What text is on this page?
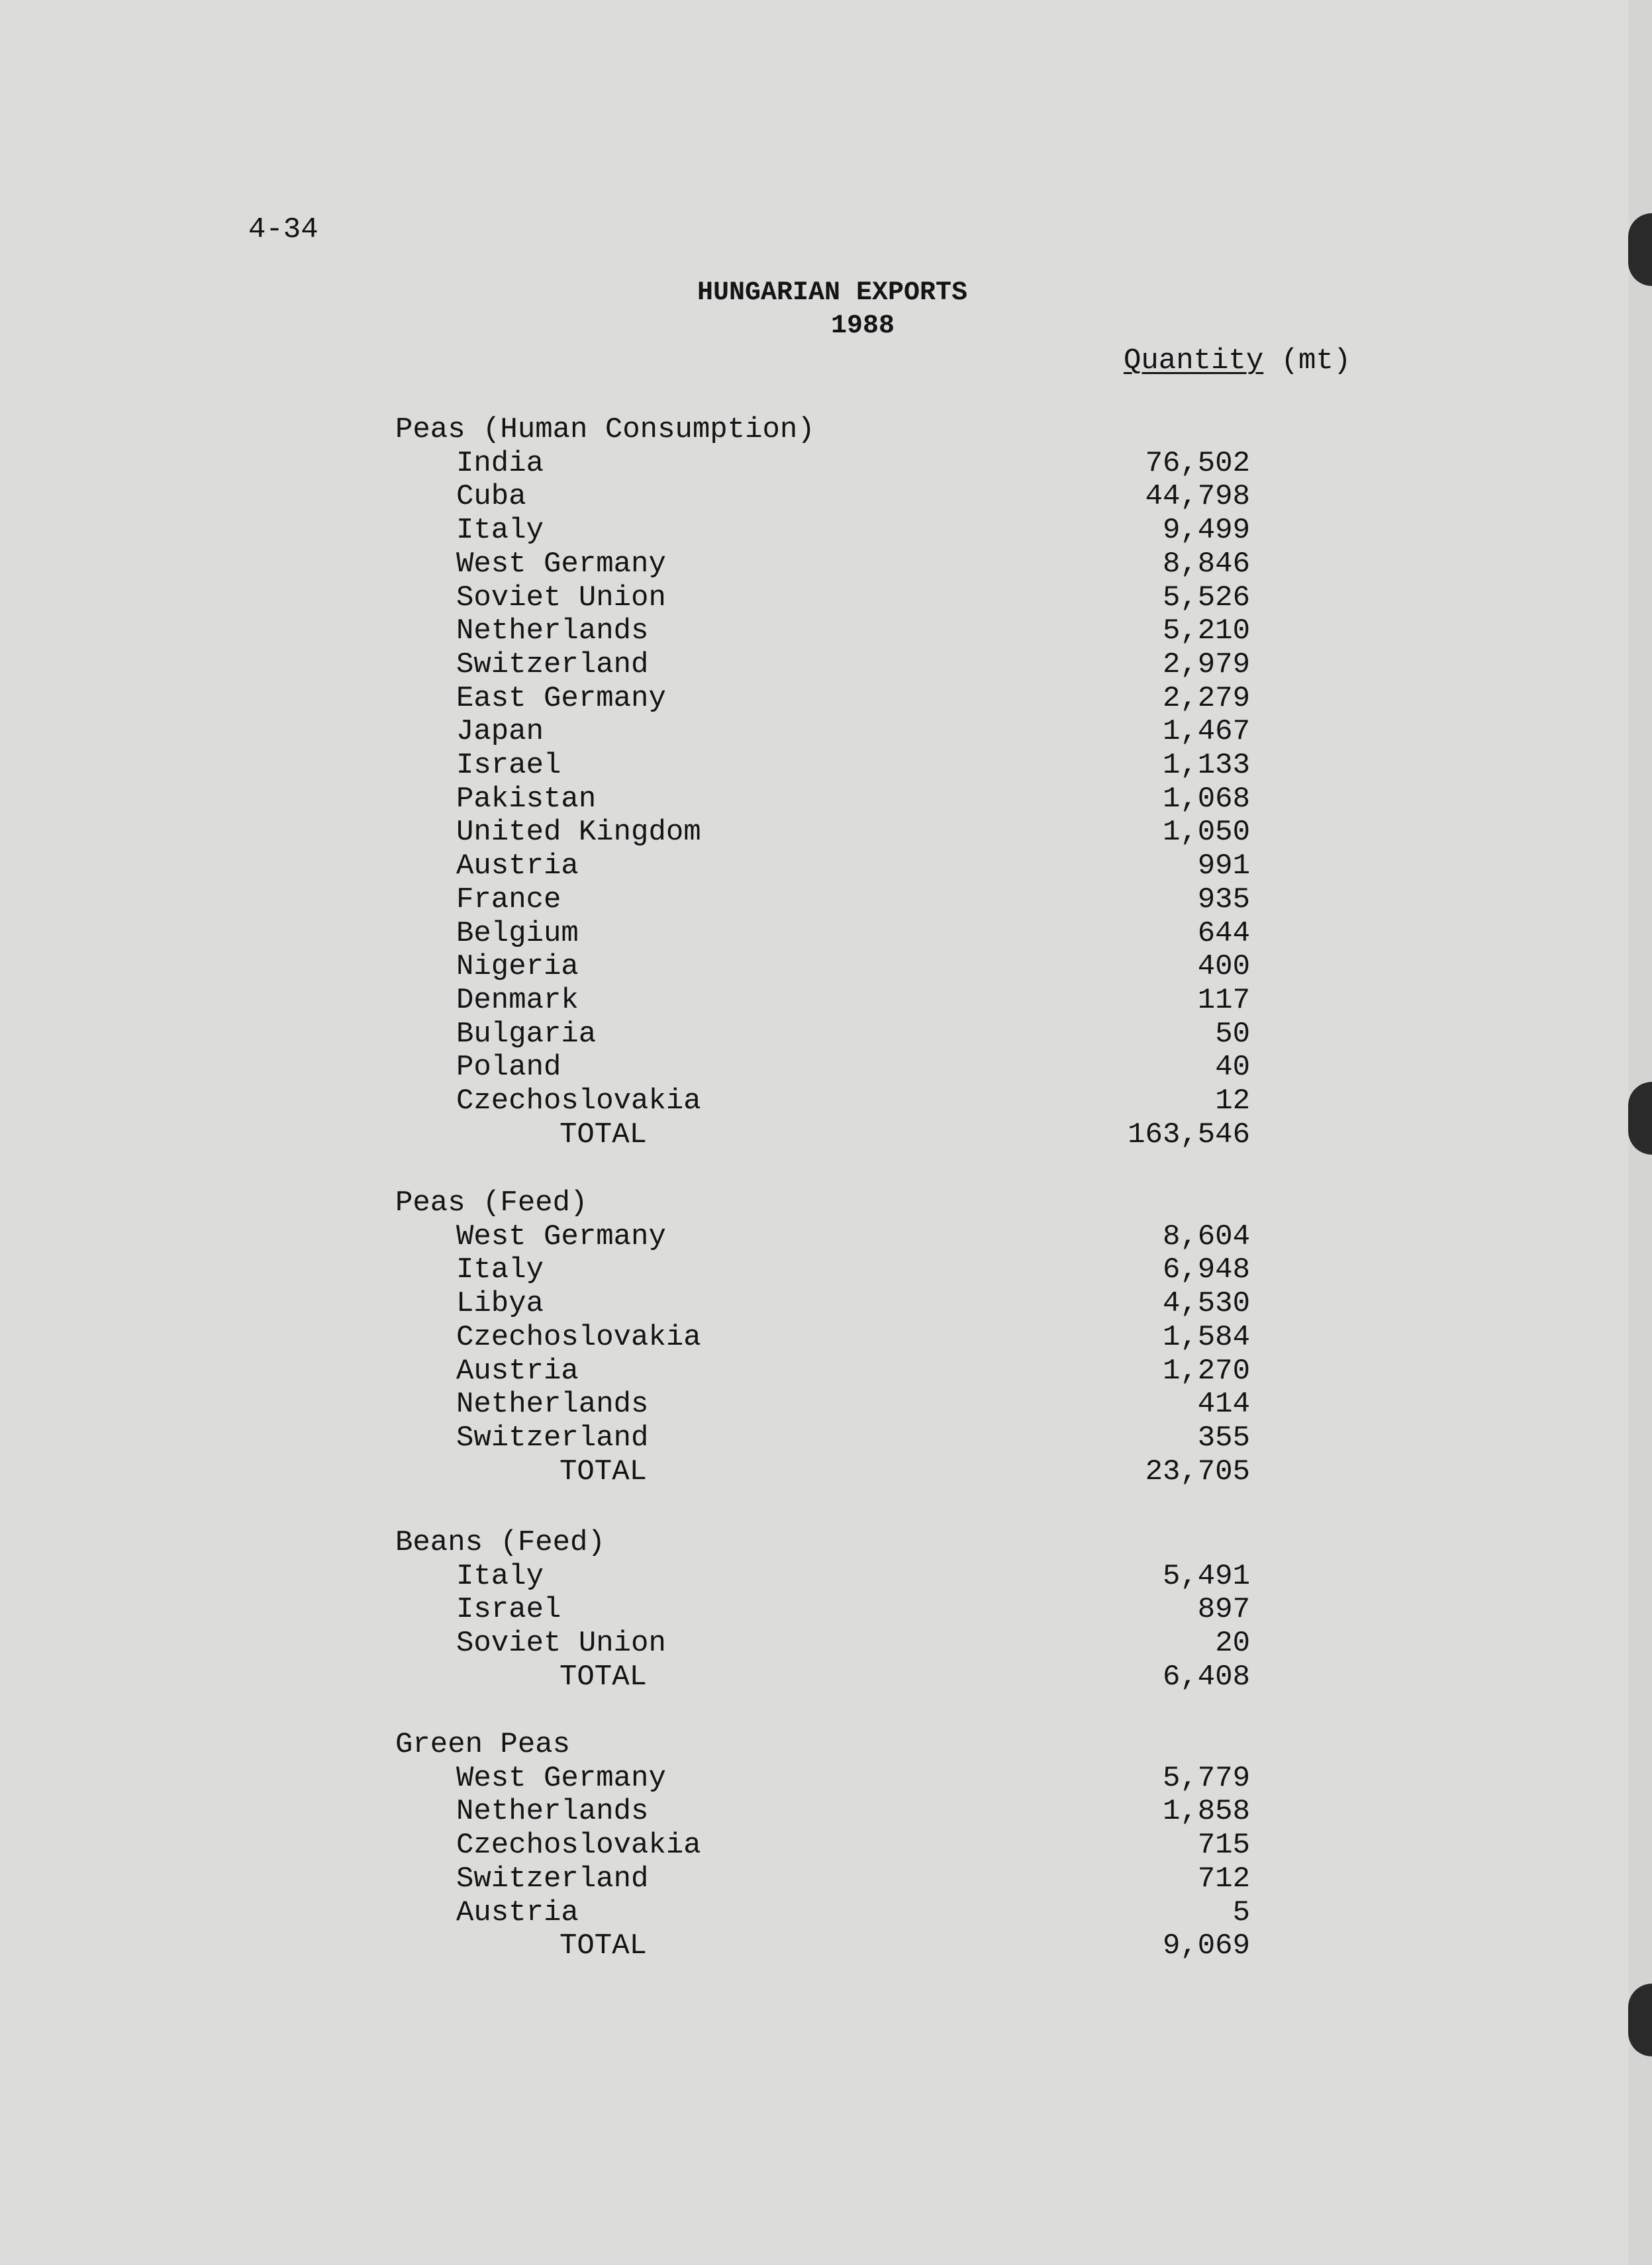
4-34
HUNGARIAN EXPORTS
1988
Quantity (mt)
Peas (Human Consumption)
India	76,502
Cuba	44,798
Italy	9,499
West Germany	8,846
Soviet Union	5,526
Netherlands	5,210
Switzerland	2,979
East Germany	2,279
Japan	1,467
Israel	1,133
Pakistan	1,068
United Kingdom	1,050
Austria	991
France	935
Belgium	644
Nigeria	400
Denmark	117
Bulgaria	50
Poland	40
Czechoslovakia	12
TOTAL	163,546
Peas (Feed)
West Germany	8,604
Italy	6,948
Libya	4,530
Czechoslovakia	1,584
Austria	1,270
Netherlands	414
Switzerland	355
TOTAL	23,705
Beans (Feed)
Italy	5,491
Israel	897
Soviet Union	20
TOTAL	6,408
Green Peas
West Germany	5,779
Netherlands	1,858
Czechoslovakia	715
Switzerland	712
Austria	5
TOTAL	9,069
